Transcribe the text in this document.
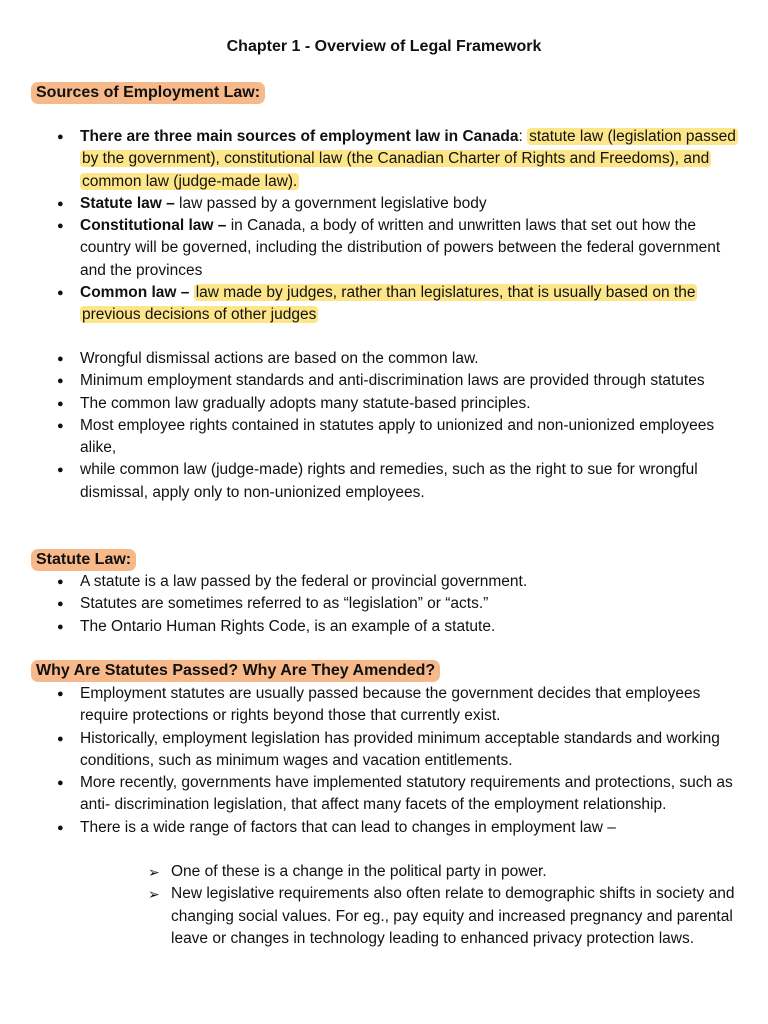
Chapter 1 - Overview of Legal Framework
Sources of Employment Law:
● There are three main sources of employment law in Canada: statute law (legislation passed by the government), constitutional law (the Canadian Charter of Rights and Freedoms), and common law (judge-made law).
● Statute law – law passed by a government legislative body
● Constitutional law – in Canada, a body of written and unwritten laws that set out how the country will be governed, including the distribution of powers between the federal government and the provinces
● Common law – law made by judges, rather than legislatures, that is usually based on the previous decisions of other judges
● Wrongful dismissal actions are based on the common law.
● Minimum employment standards and anti-discrimination laws are provided through statutes
● The common law gradually adopts many statute-based principles.
● Most employee rights contained in statutes apply to unionized and non-unionized employees alike,
● while common law (judge-made) rights and remedies, such as the right to sue for wrongful dismissal, apply only to non-unionized employees.
Statute Law:
● A statute is a law passed by the federal or provincial government.
● Statutes are sometimes referred to as “legislation” or “acts.”
● The Ontario Human Rights Code, is an example of a statute.
Why Are Statutes Passed? Why Are They Amended?
● Employment statutes are usually passed because the government decides that employees require protections or rights beyond those that currently exist.
● Historically, employment legislation has provided minimum acceptable standards and working conditions, such as minimum wages and vacation entitlements.
● More recently, governments have implemented statutory requirements and protections, such as anti- discrimination legislation, that affect many facets of the employment relationship.
● There is a wide range of factors that can lead to changes in employment law –
➢ One of these is a change in the political party in power.
➢ New legislative requirements also often relate to demographic shifts in society and changing social values. For eg., pay equity and increased pregnancy and parental leave or changes in technology leading to enhanced privacy protection laws.
